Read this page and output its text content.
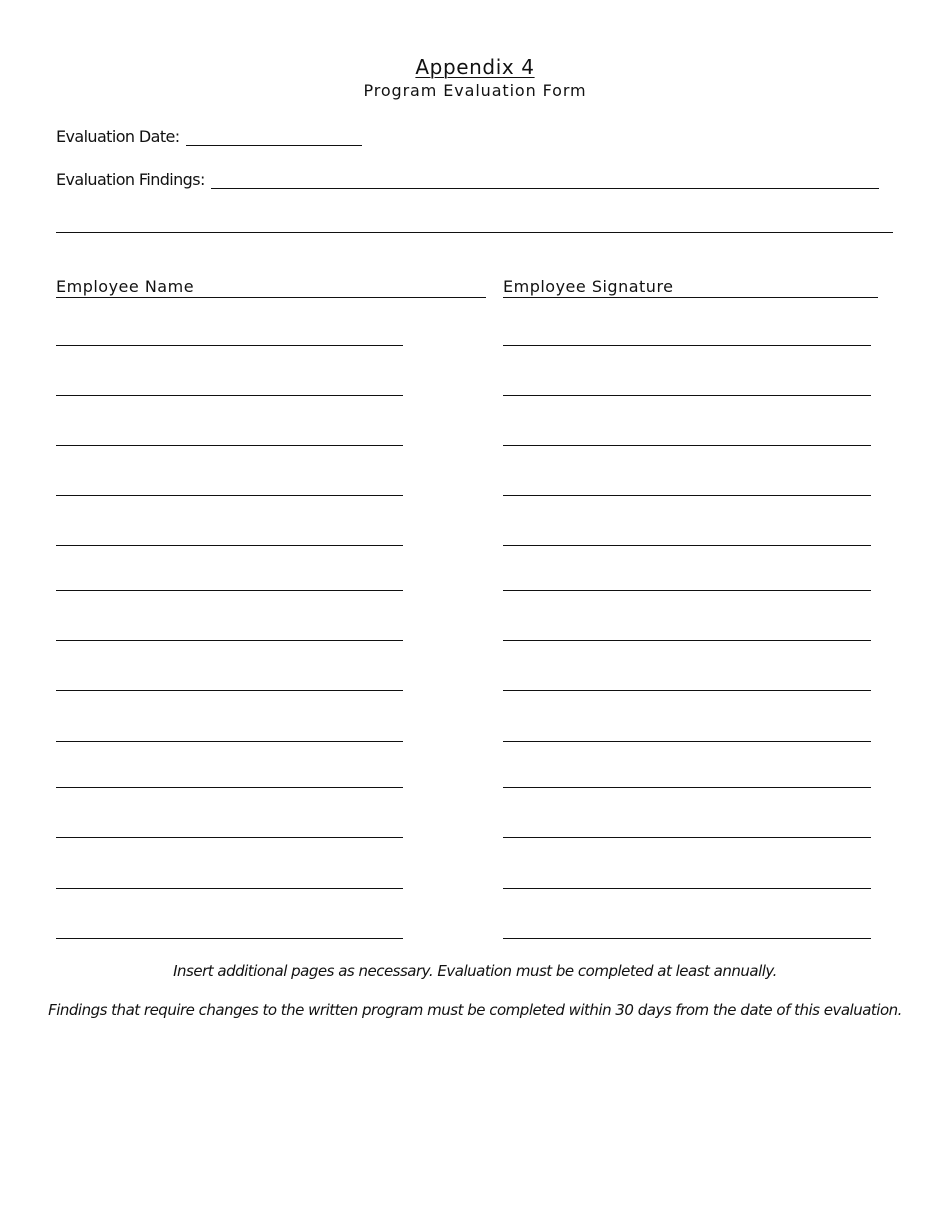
Appendix 4
Program Evaluation Form
Evaluation Date:
Evaluation Findings:
Employee Name	Employee Signature
Insert additional pages as necessary. Evaluation must be completed at least annually.
Findings that require changes to the written program must be completed within 30 days from the date of this evaluation.
